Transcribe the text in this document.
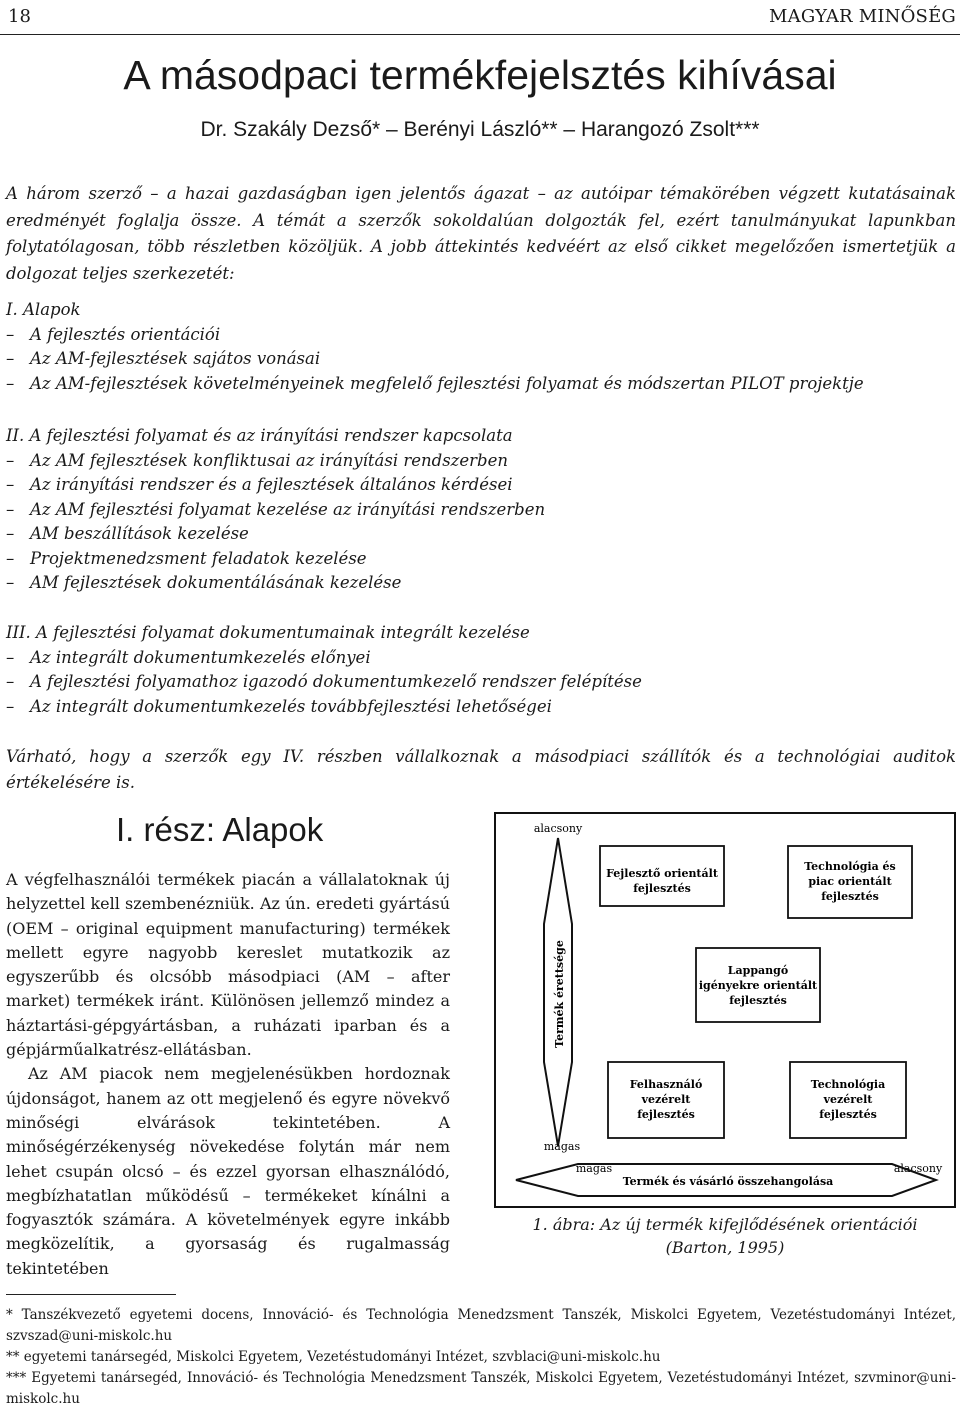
18	MAGYAR MINŐSÉG
A másodpaci termékfejelsztés kihívásai
Dr. Szakály Dezső* – Berényi László** – Harangozó Zsolt***
A három szerző – a hazai gazdaságban igen jelentős ágazat – az autóipar témakörében végzett kutatásainak eredményét foglalja össze. A témát a szerzők sokoldalúan dolgozták fel, ezért tanulmányukat lapunkban folytatólagosan, több részletben közöljük. A jobb áttekintés kedvéért az első cikket megelőzően ismertetjük a dolgozat teljes szerkezetét:
I. Alapok
– A fejlesztés orientációi
– Az AM-fejlesztések sajátos vonásai
– Az AM-fejlesztések követelményeinek megfelelő fejlesztési folyamat és módszertan PILOT projektje
II. A fejlesztési folyamat és az irányítási rendszer kapcsolata
– Az AM fejlesztések konfliktusai az irányítási rendszerben
– Az irányítási rendszer és a fejlesztések általános kérdései
– Az AM fejlesztési folyamat kezelése az irányítási rendszerben
– AM beszállítások kezelése
– Projektmenedzsment feladatok kezelése
– AM fejlesztések dokumentálásának kezelése
III. A fejlesztési folyamat dokumentumainak integrált kezelése
– Az integrált dokumentumkezelés előnyei
– A fejlesztési folyamathoz igazodó dokumentumkezelő rendszer felépítése
– Az integrált dokumentumkezelés továbbfejlesztési lehetőségei
Várható, hogy a szerzők egy IV. részben vállalkoznak a másodpiaci szállítók és a technológiai auditok értékelésére is.
I. rész: Alapok

A végfelhasználói termékek piacán a vállalatoknak új helyzettel kell szembenézniük. Az ún. eredeti gyártású (OEM – original equipment manufacturing) termékek mellett egyre nagyobb kereslet mutatkozik az egyszerűbb és olcsóbb másodpiaci (AM – after market) termékek iránt. Különösen jellemző mindez a háztartási-gépgyártásban, a ruházati iparban és a gépjárműalkatrész-ellátásban.

Az AM piacok nem megjelenésükben hordoznak újdonságot, hanem az ott megjelenő és egyre növekvő minőségi elvárások tekintetében. A minőségérzékenység növekedése folytán már nem lehet csupán olcsó – és ezzel gyorsan elhasználódó, megbízhatatlan működésű – termékeket kínálni a fogyasztók számára. A követelmények egyre inkább megközelítik, a gyorsaság és rugalmasság tekintetében

alacsony
Termék érettsége
magas
magas	alacsony
Termék és vásárló összehangolása
Fejlesztő orientált
fejlesztés
Technológia és
piac orientált
fejlesztés
Lappangó
igényekre orientált
fejlesztés
Felhasználó
vezérelt
fejlesztés
Technológia
vezérelt
fejlesztés
1. ábra: Az új termék kifejlődésének orientációi
(Barton, 1995)

* Tanszékvezető egyetemi docens, Innováció- és Technológia Menedzsment Tanszék, Miskolci Egyetem, Vezetéstudományi Intézet, szvszad@uni-miskolc.hu

** egyetemi tanársegéd, Miskolci Egyetem, Vezetéstudományi Intézet, szvblaci@uni-miskolc.hu

*** Egyetemi tanársegéd, Innováció- és Technológia Menedzsment Tanszék, Miskolci Egyetem, Vezetéstudományi Intézet, szvminor@uni-miskolc.hu
